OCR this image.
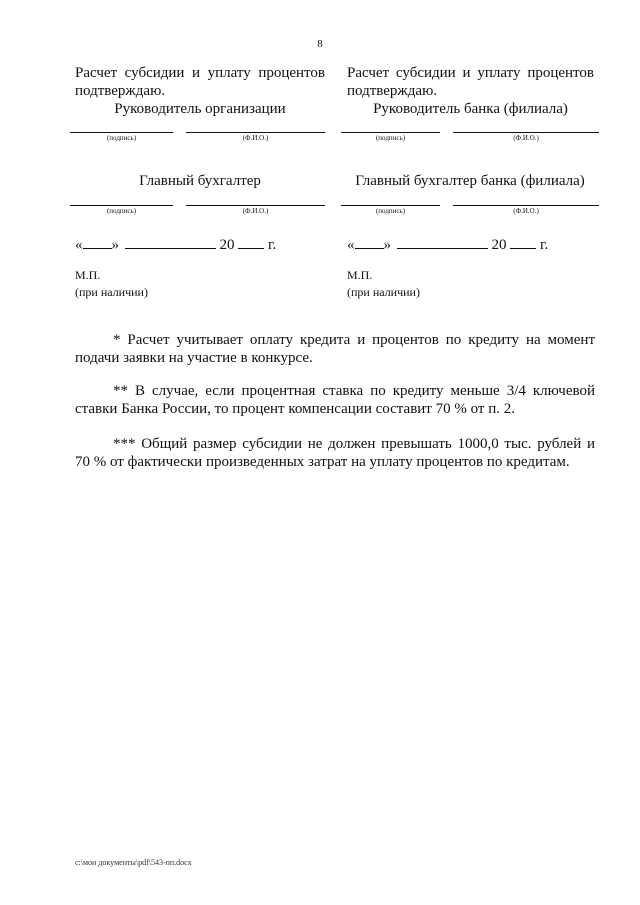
8
Расчет субсидии и уплату процентов
подтверждаю.
Руководитель организации
(подпись)	(Ф.И.О.)
Главный бухгалтер
(подпись)	(Ф.И.О.)
« »	20 г.
М.П.
(при наличии)
Расчет субсидии и уплату процентов
подтверждаю.
Руководитель банка (филиала)
(подпись)	(Ф.И.О.)
Главный бухгалтер банка (филиала)
(подпись)	(Ф.И.О.)
« »	20 г.
М.П.
(при наличии)
* Расчет учитывает оплату кредита и процентов по кредиту на момент
подачи заявки на участие в конкурсе.
** В случае, если процентная ставка по кредиту меньше 3/4 ключевой
ставки Банка России, то процент компенсации составит 70 % от п. 2.
*** Общий размер субсидии не должен превышать 1000,0 тыс. рублей и
70 % от фактически произведенных затрат на уплату процентов по кредитам.
c:\мои документы\pdf\543-пп.docx
